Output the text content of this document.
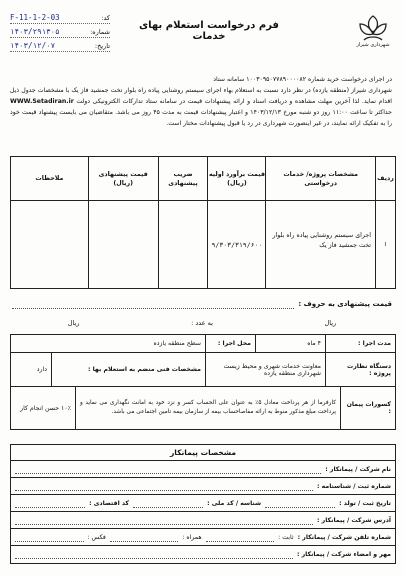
شهرداری شیراز
فرم درخواست استعلام بهای خدمات
کد:
F-11-1-2-03
شماره:
۱۴۰۳/۲۹۱۳۰۵
تاریخ:
۱۴۰۳/۱۲/۰۷
در اجرای درخواست خرید شماره ۱۰۰۳۰۹۵۰۷۷۸۹۰۰۰۰۸۲ سامانه ستاد
شهرداری شیراز (منطقه یازده) در نظر دارد نسبت به استعلام بهاء اجرای سیستم روشنایی پیاده راه بلوار تخت جمشید فاز یک با مشخصات جدول ذیل اقدام نماید. لذا آخرین مهلت مشاهده و دریافت اسناد و ارائه پیشنهادات قیمت در سامانه ستاد تدارکات الکترونیکی دولت WWW.Setadiran.ir حداکثر تا ساعت ۱۱:۰۰ روز دو شنبه مورخ ۱۴۰۳/۱۲/۱۳ و اعتبار پیشنهادات قیمت به مدت ۴۵ روز می باشد. متقاضیان می بایست پیشنهاد قیمت خود را به تفکیک ارائه نمایند، در غیر اینصورت شهرداری در رد یا قبول پیشنهادات مختار است.
ردیف	مشخصات پروژه/ خدمات درخواستی	قیمت برآورد اولیه (ریال)	ضریب پیشنهادی	قیمت پیشنهادی (ریال)	ملاحظات
۱	اجرای سیستم روشنایی پیاده راه بلوار تخت جمشید فاز یک	۹/۳۰۳/۳۱۹/۶۰۰			
قیمت پیشنهادی به حروف :
ریال
به عدد :
ریال
مدت اجرا :
۴ ماه
محل اجرا :
سطح منطقه یازده
دستگاه نظارت پروژه :
معاونت خدمات شهری و محیط زیست شهرداری منطقه یازده
مشخصات فنی منضم به استعلام بها :
دارد
کسورات پیمان :
کارفرما از هر پرداخت معادل ۵٪ به عنوان علی الحساب کسر و نزد خود به امانت نگهداری می نماید و پرداخت مبلغ مذکور منوط به ارائه مفاصاحساب بیمه از سازمان بیمه تامین اجتماعی می باشد.
۱۰٪ حسن انجام کار
مشخصات پیمانکار
نام شرکت / پیمانکار :
شماره ثبت / شناسنامه :
تاریخ ثبت / تولد :
شناسه / کد ملی :
کد اقتصادی :
آدرس شرکت / پیمانکار :
شماره تلفن شرکت / پیمانکار :
ثابت :
همراه :
فکس :
مهر و امضاء شرکت / پیمانکار :
